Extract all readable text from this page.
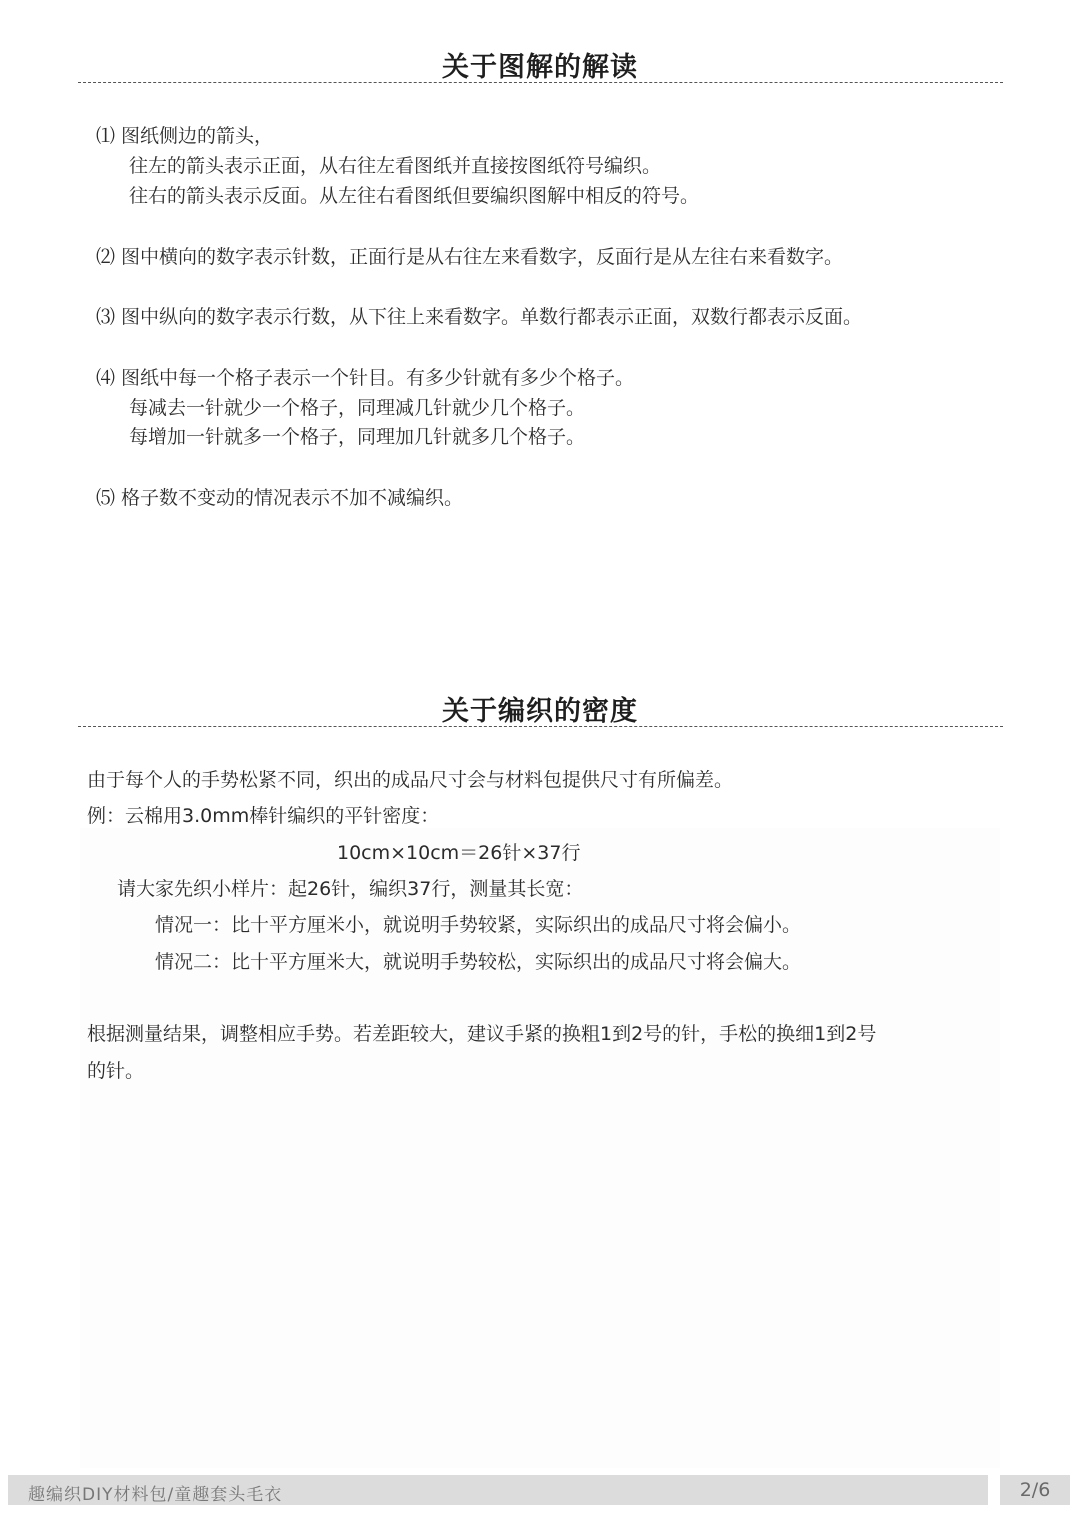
关于图解的解读
⑴ 图纸侧边的箭头，
往左的箭头表示正面，从右往左看图纸并直接按图纸符号编织。
往右的箭头表示反面。从左往右看图纸但要编织图解中相反的符号。
⑵ 图中横向的数字表示针数，正面行是从右往左来看数字，反面行是从左往右来看数字。
⑶ 图中纵向的数字表示行数，从下往上来看数字。单数行都表示正面，双数行都表示反面。
⑷ 图纸中每一个格子表示一个针目。有多少针就有多少个格子。
每减去一针就少一个格子，同理减几针就少几个格子。
每增加一针就多一个格子，同理加几针就多几个格子。
⑸ 格子数不变动的情况表示不加不减编织。
关于编织的密度
由于每个人的手势松紧不同，织出的成品尺寸会与材料包提供尺寸有所偏差。
例：云棉用3.0mm棒针编织的平针密度：
10cm×10cm＝26针×37行
请大家先织小样片：起26针，编织37行，测量其长宽：
情况一：比十平方厘米小，就说明手势较紧，实际织出的成品尺寸将会偏小。
情况二：比十平方厘米大，就说明手势较松，实际织出的成品尺寸将会偏大。
根据测量结果，调整相应手势。若差距较大，建议手紧的换粗1到2号的针，手松的换细1到2号
的针。
趣编织DIY材料包/童趣套头毛衣	2/6
